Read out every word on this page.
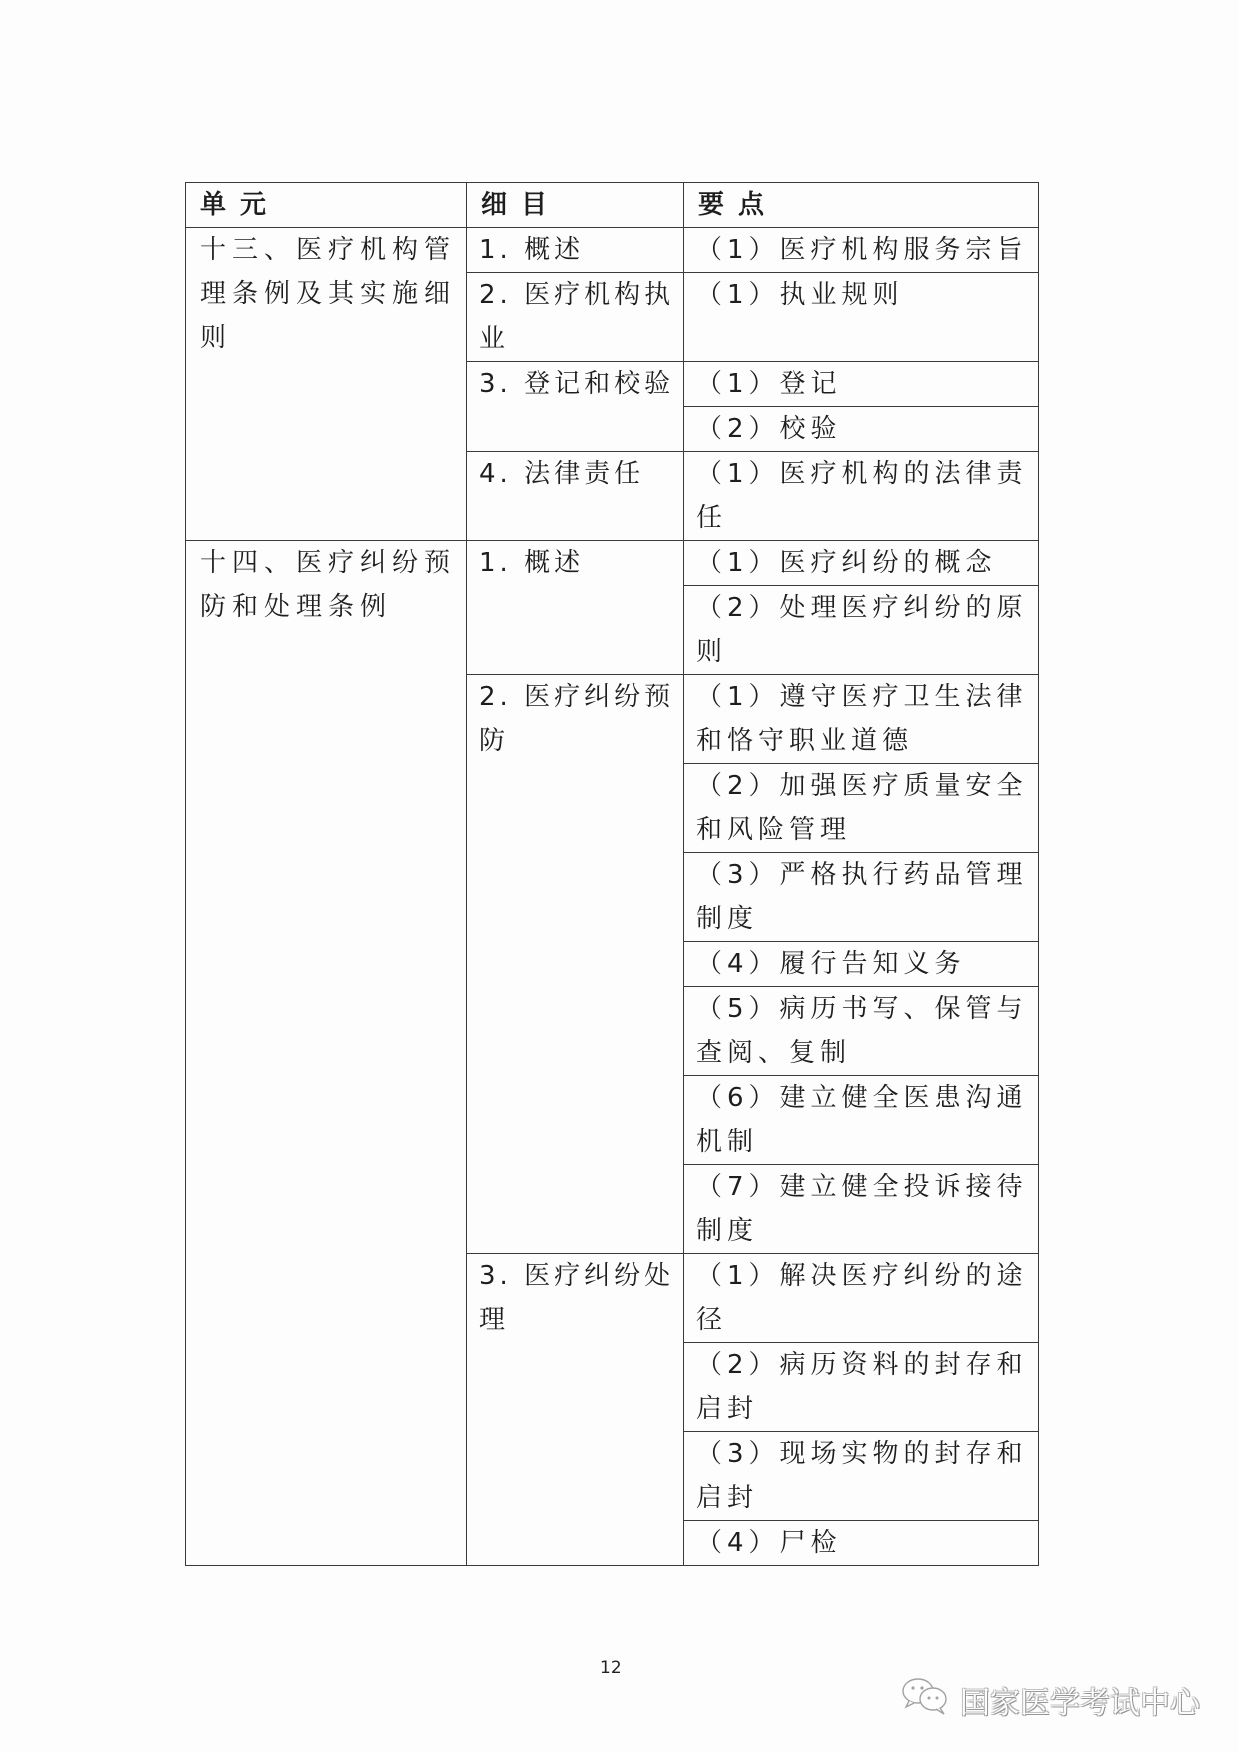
单元	细目	要点
十三、医疗机构管理条例及其实施细则	1. 概述	（1）医疗机构服务宗旨
	2. 医疗机构执业	（1）执业规则
	3. 登记和校验	（1）登记
		（2）校验
	4. 法律责任	（1）医疗机构的法律责任
十四、医疗纠纷预防和处理条例	1. 概述	（1）医疗纠纷的概念
		（2）处理医疗纠纷的原则
	2. 医疗纠纷预防	（1）遵守医疗卫生法律和恪守职业道德
		（2）加强医疗质量安全和风险管理
		（3）严格执行药品管理制度
		（4）履行告知义务
		（5）病历书写、保管与查阅、复制
		（6）建立健全医患沟通机制
		（7）建立健全投诉接待制度
	3. 医疗纠纷处理	（1）解决医疗纠纷的途径
		（2）病历资料的封存和启封
		（3）现场实物的封存和启封
		（4）尸检
12
国家医学考试中心
